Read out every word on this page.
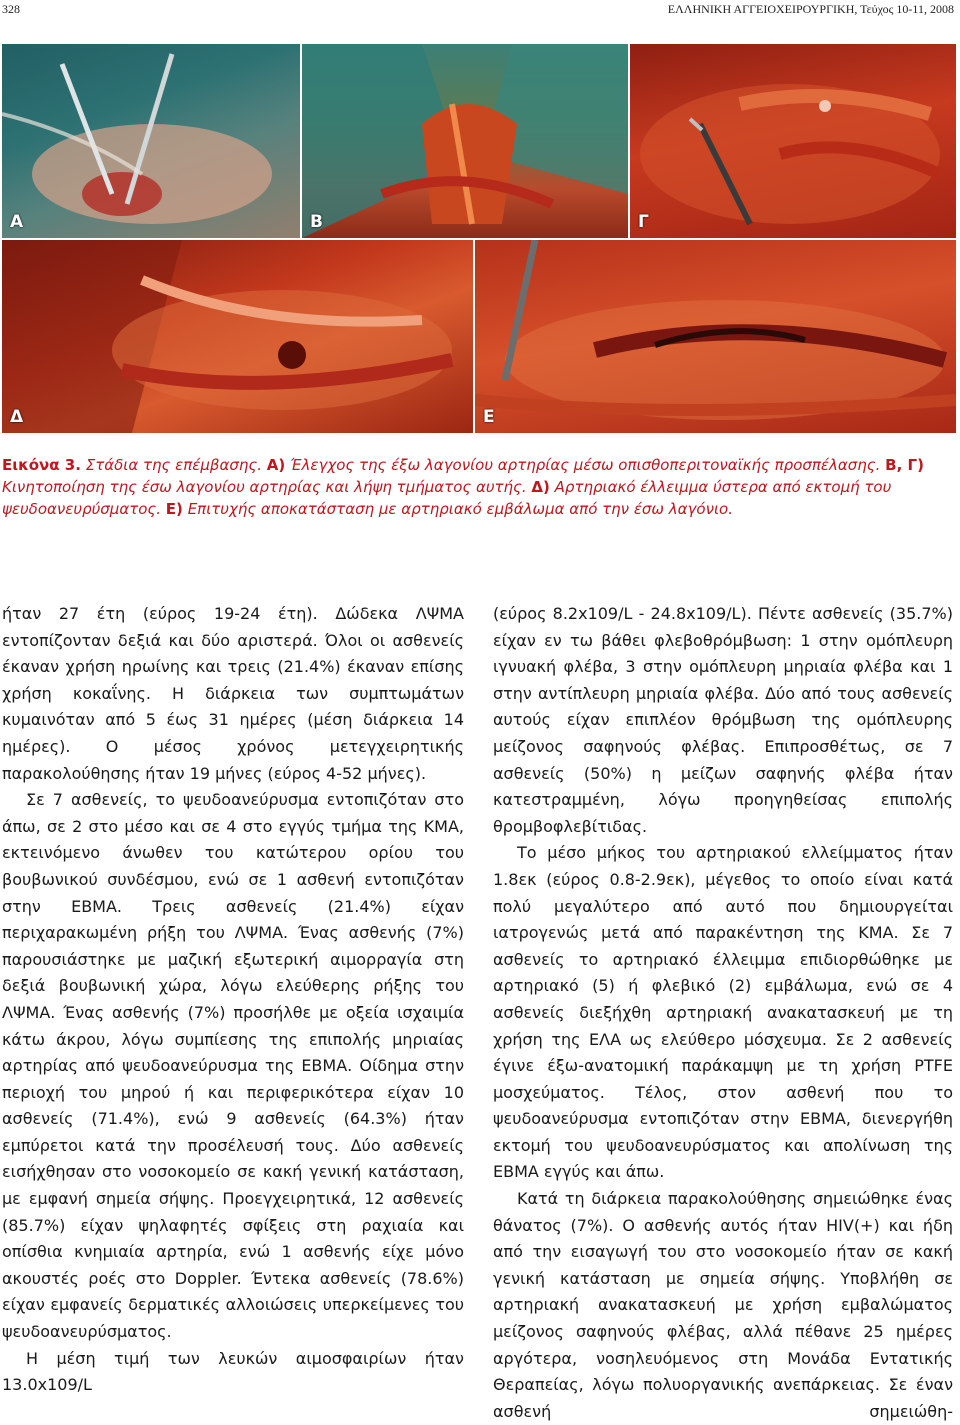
328	ΕΛΛΗΝΙΚΗ ΑΓΓΕΙΟΧΕΙΡΟΥΡΓΙΚΗ, Τεύχος 10-11, 2008
Α	Β	Γ
Δ	Ε
Εικόνα 3. Στάδια της επέμβασης. Α) Έλεγχος της έξω λαγονίου αρτηρίας μέσω οπισθοπεριτοναϊκής προσπέλασης. Β, Γ) Κινητοποίηση της έσω λαγονίου αρτηρίας και λήψη τμήματος αυτής. Δ) Αρτηριακό έλλειμμα ύστερα από εκτομή του ψευδοανευρύσματος. Ε) Επιτυχής αποκατάσταση με αρτηριακό εμβάλωμα από την έσω λαγόνιο.

ήταν 27 έτη (εύρος 19-24 έτη). Δώδεκα ΛΨΜΑ εντοπίζονταν δεξιά και δύο αριστερά. Όλοι οι ασθενείς έκαναν χρήση ηρωίνης και τρεις (21.4%) έκαναν επίσης χρήση κοκαΐνης. Η διάρκεια των συμπτωμάτων κυμαινόταν από 5 έως 31 ημέρες (μέση διάρκεια 14 ημέρες). Ο μέσος χρόνος μετεγχειρητικής παρακολούθησης ήταν 19 μήνες (εύρος 4-52 μήνες).

Σε 7 ασθενείς, το ψευδοανεύρυσμα εντοπιζόταν στο άπω, σε 2 στο μέσο και σε 4 στο εγγύς τμήμα της ΚΜΑ, εκτεινόμενο άνωθεν του κατώτερου ορίου του βουβωνικού συνδέσμου, ενώ σε 1 ασθενή εντοπιζόταν στην ΕΒΜΑ. Τρεις ασθενείς (21.4%) είχαν περιχαρακωμένη ρήξη του ΛΨΜΑ. Ένας ασθενής (7%) παρουσιάστηκε με μαζική εξωτερική αιμορραγία στη δεξιά βουβωνική χώρα, λόγω ελεύθερης ρήξης του ΛΨΜΑ. Ένας ασθενής (7%) προσήλθε με οξεία ισχαιμία κάτω άκρου, λόγω συμπίεσης της επιπολής μηριαίας αρτηρίας από ψευδοανεύρυσμα της ΕΒΜΑ. Οίδημα στην περιοχή του μηρού ή και περιφερικότερα είχαν 10 ασθενείς (71.4%), ενώ 9 ασθενείς (64.3%) ήταν εμπύρετοι κατά την προσέλευσή τους. Δύο ασθενείς εισήχθησαν στο νοσοκομείο σε κακή γενική κατάσταση, με εμφανή σημεία σήψης. Προεγχειρητικά, 12 ασθενείς (85.7%) είχαν ψηλαφητές σφίξεις στη ραχιαία και οπίσθια κνημιαία αρτηρία, ενώ 1 ασθενής είχε μόνο ακουστές ροές στο Doppler. Έντεκα ασθενείς (78.6%) είχαν εμφανείς δερματικές αλλοιώσεις υπερκείμενες του ψευδοανευρύσματος.

Η μέση τιμή των λευκών αιμοσφαιρίων ήταν 13.0x109/L

(εύρος 8.2x109/L - 24.8x109/L). Πέντε ασθενείς (35.7%) είχαν εν τω βάθει φλεβοθρόμβωση: 1 στην ομόπλευρη ιγνυακή φλέβα, 3 στην ομόπλευρη μηριαία φλέβα και 1 στην αντίπλευρη μηριαία φλέβα. Δύο από τους ασθενείς αυτούς είχαν επιπλέον θρόμβωση της ομόπλευρης μείζονος σαφηνούς φλέβας. Επιπροσθέτως, σε 7 ασθενείς (50%) η μείζων σαφηνής φλέβα ήταν κατεστραμμένη, λόγω προηγηθείσας επιπολής θρομβοφλεβίτιδας.

Το μέσο μήκος του αρτηριακού ελλείμματος ήταν 1.8εκ (εύρος 0.8-2.9εκ), μέγεθος το οποίο είναι κατά πολύ μεγαλύτερο από αυτό που δημιουργείται ιατρογενώς μετά από παρακέντηση της ΚΜΑ. Σε 7 ασθενείς το αρτηριακό έλλειμμα επιδιορθώθηκε με αρτηριακό (5) ή φλεβικό (2) εμβάλωμα, ενώ σε 4 ασθενείς διεξήχθη αρτηριακή ανακατασκευή με τη χρήση της ΕΛΑ ως ελεύθερο μόσχευμα. Σε 2 ασθενείς έγινε έξω-ανατομική παράκαμψη με τη χρήση PTFE μοσχεύματος. Τέλος, στον ασθενή που το ψευδοανεύρυσμα εντοπιζόταν στην ΕΒΜΑ, διενεργήθη εκτομή του ψευδοανευρύσματος και απολίνωση της ΕΒΜΑ εγγύς και άπω.

Κατά τη διάρκεια παρακολούθησης σημειώθηκε ένας θάνατος (7%). Ο ασθενής αυτός ήταν HIV(+) και ήδη από την εισαγωγή του στο νοσοκομείο ήταν σε κακή γενική κατάσταση με σημεία σήψης. Υποβλήθη σε αρτηριακή ανακατασκευή με χρήση εμβαλώματος μείζονος σαφηνούς φλέβας, αλλά πέθανε 25 ημέρες αργότερα, νοσηλευόμενος στη Μονάδα Εντατικής Θεραπείας, λόγω πολυοργανικής ανεπάρκειας. Σε έναν ασθενή σημειώθη-
